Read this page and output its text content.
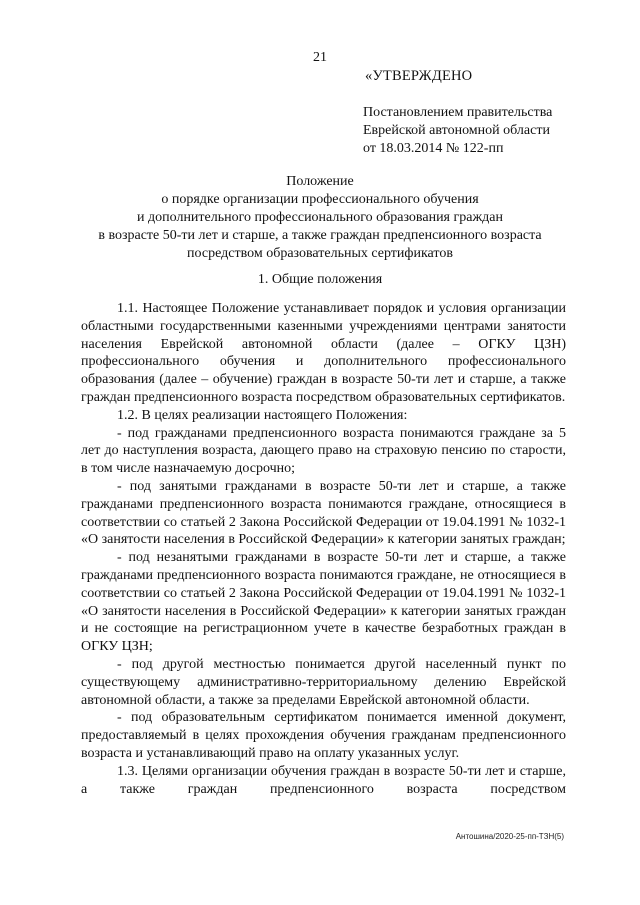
21
«УТВЕРЖДЕНО
Постановлением правительства
Еврейской автономной области
от 18.03.2014 № 122-пп
Положение
о порядке организации профессионального обучения
и дополнительного профессионального образования граждан
в возрасте 50-ти лет и старше, а также граждан предпенсионного возраста
посредством образовательных сертификатов
1. Общие положения

1.1. Настоящее Положение устанавливает порядок и условия организации областными государственными казенными учреждениями центрами занятости населения Еврейской автономной области (далее – ОГКУ ЦЗН) профессионального обучения и дополнительного профессионального образования (далее – обучение) граждан в возрасте 50-ти лет и старше, а также граждан предпенсионного возраста посредством образовательных сертификатов.

1.2. В целях реализации настоящего Положения:

- под гражданами предпенсионного возраста понимаются граждане за 5 лет до наступления возраста, дающего право на страховую пенсию по старости, в том числе назначаемую досрочно;

- под занятыми гражданами в возрасте 50-ти лет и старше, а также гражданами предпенсионного возраста понимаются граждане, относящиеся в соответствии со статьей 2 Закона Российской Федерации от 19.04.1991 № 1032-1 «О занятости населения в Российской Федерации» к категории занятых граждан;

- под незанятыми гражданами в возрасте 50-ти лет и старше, а также гражданами предпенсионного возраста понимаются граждане, не относящиеся в соответствии со статьей 2 Закона Российской Федерации от 19.04.1991 № 1032-1 «О занятости населения в Российской Федерации» к категории занятых граждан и не состоящие на регистрационном учете в качестве безработных граждан в ОГКУ ЦЗН;

- под другой местностью понимается другой населенный пункт по существующему административно-территориальному делению Еврейской автономной области, а также за пределами Еврейской автономной области.

- под образовательным сертификатом понимается именной документ, предоставляемый в целях прохождения обучения гражданам предпенсионного возраста и устанавливающий право на оплату указанных услуг.

1.3. Целями организации обучения граждан в возрасте 50-ти лет и старше, а также граждан предпенсионного возраста посредством

Антошина/2020-25-пп-ТЗН(5)
